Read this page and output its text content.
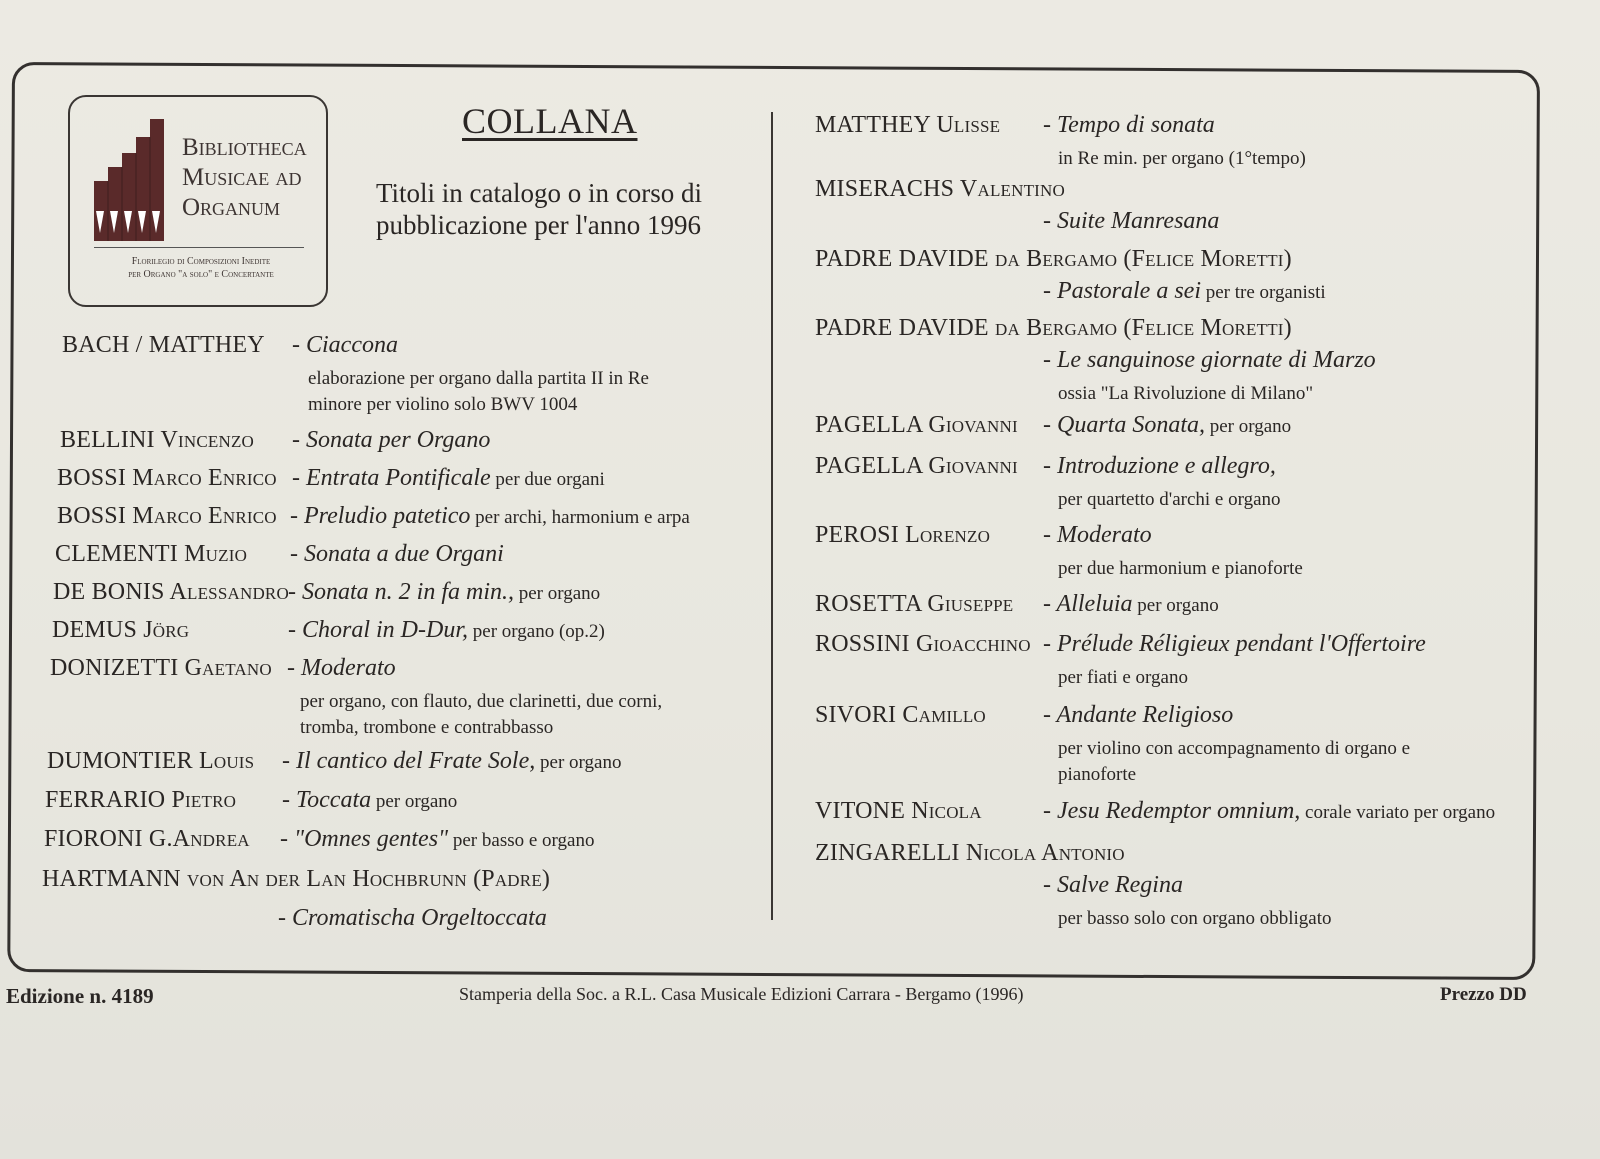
Bibliotheca
Musicae ad
Organum
Florilegio di Composizioni Inedite
per Organo "a solo" e Concertante
COLLANA
Titoli in catalogo o in corso di pubblicazione per l'anno 1996
BACH / MATTHEY - Ciaccona
elaborazione per organo dalla partita II in Re
minore per violino solo BWV 1004
BELLINI Vincenzo - Sonata per Organo
BOSSI Marco Enrico - Entrata Pontificale per due organi
BOSSI Marco Enrico - Preludio patetico per archi, harmonium e arpa
CLEMENTI Muzio - Sonata a due Organi
DE BONIS Alessandro - Sonata n. 2 in fa min., per organo
DEMUS Jörg	- Choral in D-Dur, per organo (op.2)
DONIZETTI Gaetano - Moderato
per organo, con flauto, due clarinetti, due corni,
tromba, trombone e contrabbasso
DUMONTIER Louis - Il cantico del Frate Sole, per organo
FERRARIO Pietro - Toccata per organo
FIORONI G.Andrea - "Omnes gentes" per basso e organo
HARTMANN von An der Lan Hochbrunn (Padre)
- Cromatischa Orgeltoccata
MATTHEY Ulisse - Tempo di sonata
in Re min. per organo (1°tempo)
MISERACHS Valentino
- Suite Manresana
PADRE DAVIDE da Bergamo (Felice Moretti)
- Pastorale a sei per tre organisti
PADRE DAVIDE da Bergamo (Felice Moretti)
- Le sanguinose giornate di Marzo
ossia "La Rivoluzione di Milano"
PAGELLA Giovanni - Quarta Sonata, per organo
PAGELLA Giovanni - Introduzione e allegro,
per quartetto d'archi e organo
PEROSI Lorenzo - Moderato
per due harmonium e pianoforte
ROSETTA Giuseppe - Alleluia per organo
ROSSINI Gioacchino - Prélude Réligieux pendant l'Offertoire
per fiati e organo
SIVORI Camillo - Andante Religioso
per violino con accompagnamento di organo e
pianoforte
VITONE Nicola	- Jesu Redemptor omnium, corale variato per organo
ZINGARELLI Nicola Antonio
- Salve Regina
per basso solo con organo obbligato
Edizione n. 4189	Stamperia della Soc. a R.L. Casa Musicale Edizioni Carrara - Bergamo (1996)	Prezzo DD
